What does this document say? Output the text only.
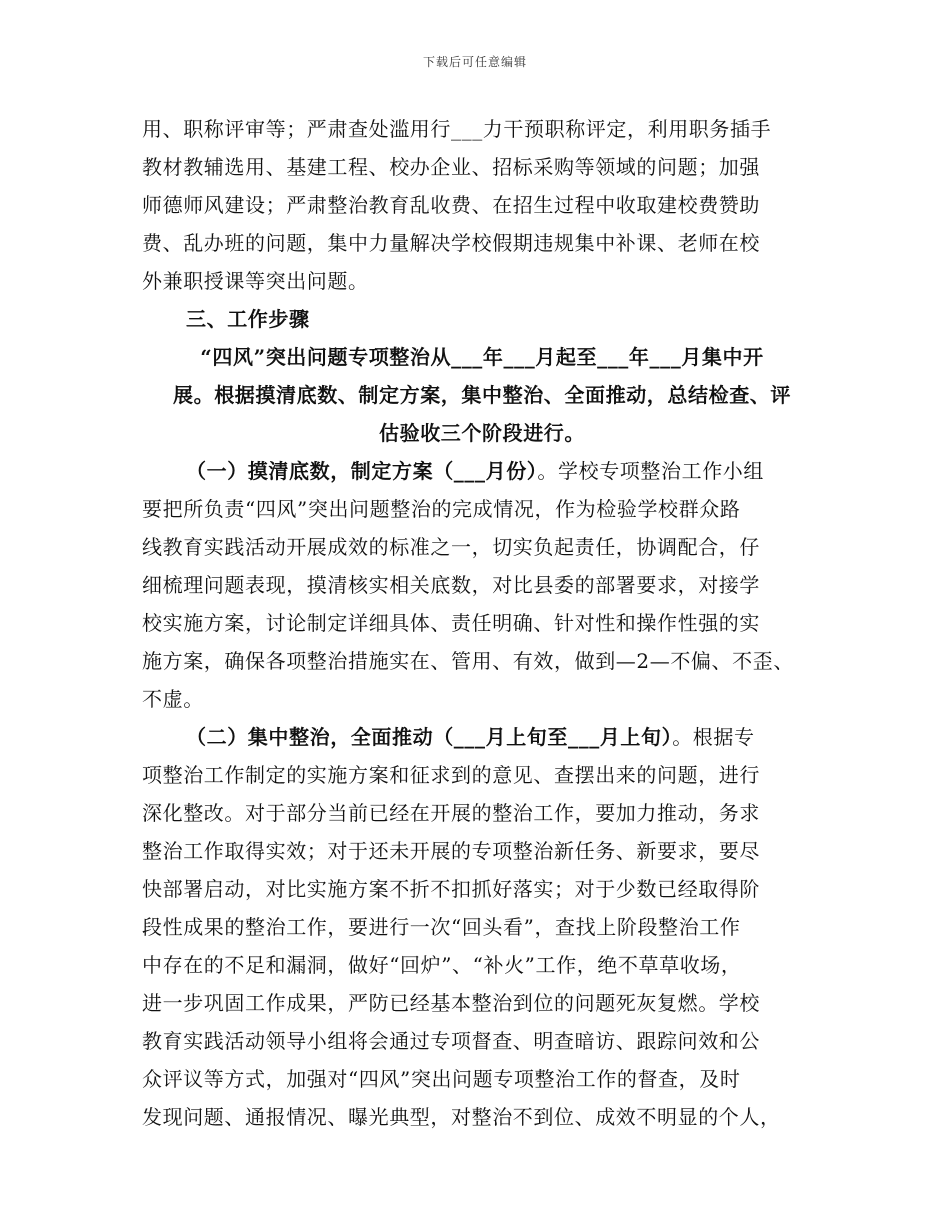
下载后可任意编辑
用、职称评审等；严肃查处滥用行___力干预职称评定，利用职务插手
教材教辅选用、基建工程、校办企业、招标采购等领域的问题；加强
师德师风建设；严肃整治教育乱收费、在招生过程中收取建校费赞助
费、乱办班的问题，集中力量解决学校假期违规集中补课、老师在校
外兼职授课等突出问题。
三、工作步骤
“四风”突出问题专项整治从___年___月起至___年___月集中开
展。根据摸清底数、制定方案，集中整治、全面推动，总结检查、评
估验收三个阶段进行。
（一）摸清底数，制定方案（___月份）。学校专项整治工作小组
要把所负责“四风”突出问题整治的完成情况，作为检验学校群众路
线教育实践活动开展成效的标准之一，切实负起责任，协调配合，仔
细梳理问题表现，摸清核实相关底数，对比县委的部署要求，对接学
校实施方案，讨论制定详细具体、责任明确、针对性和操作性强的实
施方案，确保各项整治措施实在、管用、有效，做到—2—不偏、不歪、
不虚。
（二）集中整治，全面推动（___月上旬至___月上旬）。根据专
项整治工作制定的实施方案和征求到的意见、查摆出来的问题，进行
深化整改。对于部分当前已经在开展的整治工作，要加力推动，务求
整治工作取得实效；对于还未开展的专项整治新任务、新要求，要尽
快部署启动，对比实施方案不折不扣抓好落实；对于少数已经取得阶
段性成果的整治工作，要进行一次“回头看”，查找上阶段整治工作
中存在的不足和漏洞，做好“回炉”、“补火”工作，绝不草草收场，
进一步巩固工作成果，严防已经基本整治到位的问题死灰复燃。学校
教育实践活动领导小组将会通过专项督查、明查暗访、跟踪问效和公
众评议等方式，加强对“四风”突出问题专项整治工作的督查，及时
发现问题、通报情况、曝光典型，对整治不到位、成效不明显的个人，
